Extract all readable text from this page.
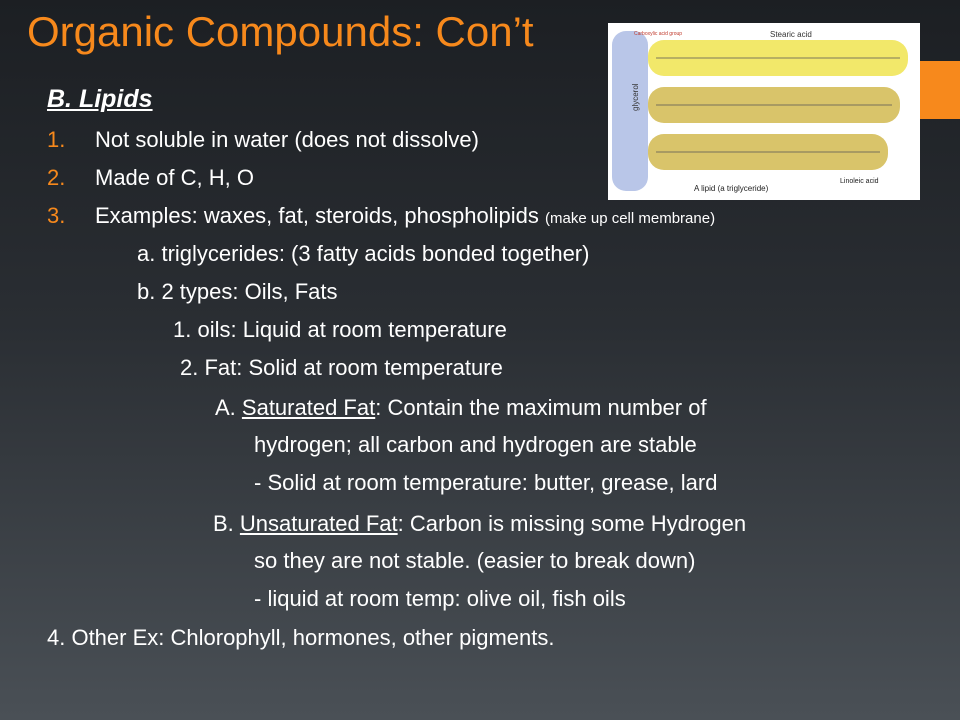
Organic Compounds: Con’t
glycerol
Carboxylic acid group	Stearic acid
A lipid (a triglyceride)
Linoleic acid
B. Lipids
1. Not soluble in water (does not dissolve)
2. Made of C, H, O
3. Examples: waxes, fat, steroids, phospholipids (make up cell membrane)
a. triglycerides: (3 fatty acids bonded together)
b. 2 types: Oils, Fats
1. oils: Liquid at room temperature
2. Fat: Solid at room temperature
A. Saturated Fat: Contain the maximum number of
hydrogen; all carbon and hydrogen are stable
- Solid at room temperature: butter, grease, lard
B. Unsaturated Fat: Carbon is missing some Hydrogen
so they are not stable. (easier to break down)
- liquid at room temp: olive oil, fish oils
4. Other Ex: Chlorophyll, hormones, other pigments.
